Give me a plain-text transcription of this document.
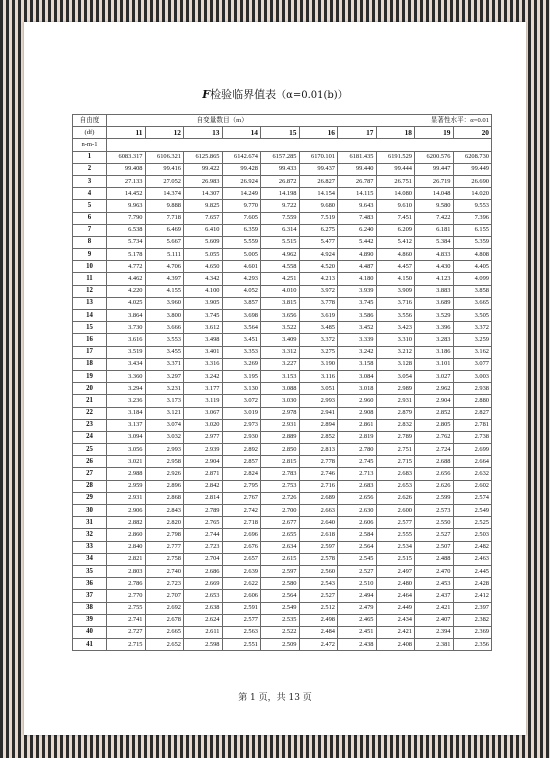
F检验临界值表（α=0.01(b)）
自由度	自变量数目（m）						显著性水平：α=0.01			
(df)	11	12	13	14	15	16	17	18	19	20
n-m-1										
1	6083.317	6106.321	6125.865	6142.674	6157.285	6170.101	6181.435	6191.529	6200.576	6208.730
2	99.408	99.416	99.422	99.428	99.433	99.437	99.440	99.444	99.447	99.449
3	27.133	27.052	26.983	26.924	26.872	26.827	26.787	26.751	26.719	26.690
4	14.452	14.374	14.307	14.249	14.198	14.154	14.115	14.080	14.048	14.020
5	9.963	9.888	9.825	9.770	9.722	9.680	9.643	9.610	9.580	9.553
6	7.790	7.718	7.657	7.605	7.559	7.519	7.483	7.451	7.422	7.396
7	6.538	6.469	6.410	6.359	6.314	6.275	6.240	6.209	6.181	6.155
8	5.734	5.667	5.609	5.559	5.515	5.477	5.442	5.412	5.384	5.359
9	5.178	5.111	5.055	5.005	4.962	4.924	4.890	4.860	4.833	4.808
10	4.772	4.706	4.650	4.601	4.558	4.520	4.487	4.457	4.430	4.405
11	4.462	4.397	4.342	4.293	4.251	4.213	4.180	4.150	4.123	4.099
12	4.220	4.155	4.100	4.052	4.010	3.972	3.939	3.909	3.883	3.858
13	4.025	3.960	3.905	3.857	3.815	3.778	3.745	3.716	3.689	3.665
14	3.864	3.800	3.745	3.698	3.656	3.619	3.586	3.556	3.529	3.505
15	3.730	3.666	3.612	3.564	3.522	3.485	3.452	3.423	3.396	3.372
16	3.616	3.553	3.498	3.451	3.409	3.372	3.339	3.310	3.283	3.259
17	3.519	3.455	3.401	3.353	3.312	3.275	3.242	3.212	3.186	3.162
18	3.434	3.371	3.316	3.269	3.227	3.190	3.158	3.128	3.101	3.077
19	3.360	3.297	3.242	3.195	3.153	3.116	3.084	3.054	3.027	3.003
20	3.294	3.231	3.177	3.130	3.088	3.051	3.018	2.989	2.962	2.938
21	3.236	3.173	3.119	3.072	3.030	2.993	2.960	2.931	2.904	2.880
22	3.184	3.121	3.067	3.019	2.978	2.941	2.908	2.879	2.852	2.827
23	3.137	3.074	3.020	2.973	2.931	2.894	2.861	2.832	2.805	2.781
24	3.094	3.032	2.977	2.930	2.889	2.852	2.819	2.789	2.762	2.738
25	3.056	2.993	2.939	2.892	2.850	2.813	2.780	2.751	2.724	2.699
26	3.021	2.958	2.904	2.857	2.815	2.778	2.745	2.715	2.688	2.664
27	2.988	2.926	2.871	2.824	2.783	2.746	2.713	2.683	2.656	2.632
28	2.959	2.896	2.842	2.795	2.753	2.716	2.683	2.653	2.626	2.602
29	2.931	2.868	2.814	2.767	2.726	2.689	2.656	2.626	2.599	2.574
30	2.906	2.843	2.789	2.742	2.700	2.663	2.630	2.600	2.573	2.549
31	2.882	2.820	2.765	2.718	2.677	2.640	2.606	2.577	2.550	2.525
32	2.860	2.798	2.744	2.696	2.655	2.618	2.584	2.555	2.527	2.503
33	2.840	2.777	2.723	2.676	2.634	2.597	2.564	2.534	2.507	2.482
34	2.821	2.758	2.704	2.657	2.615	2.578	2.545	2.515	2.488	2.463
35	2.803	2.740	2.686	2.639	2.597	2.560	2.527	2.497	2.470	2.445
36	2.786	2.723	2.669	2.622	2.580	2.543	2.510	2.480	2.453	2.428
37	2.770	2.707	2.653	2.606	2.564	2.527	2.494	2.464	2.437	2.412
38	2.755	2.692	2.638	2.591	2.549	2.512	2.479	2.449	2.421	2.397
39	2.741	2.678	2.624	2.577	2.535	2.498	2.465	2.434	2.407	2.382
40	2.727	2.665	2.611	2.563	2.522	2.484	2.451	2.421	2.394	2.369
41	2.715	2.652	2.598	2.551	2.509	2.472	2.438	2.408	2.381	2.356
第 1 页，共 13 页
